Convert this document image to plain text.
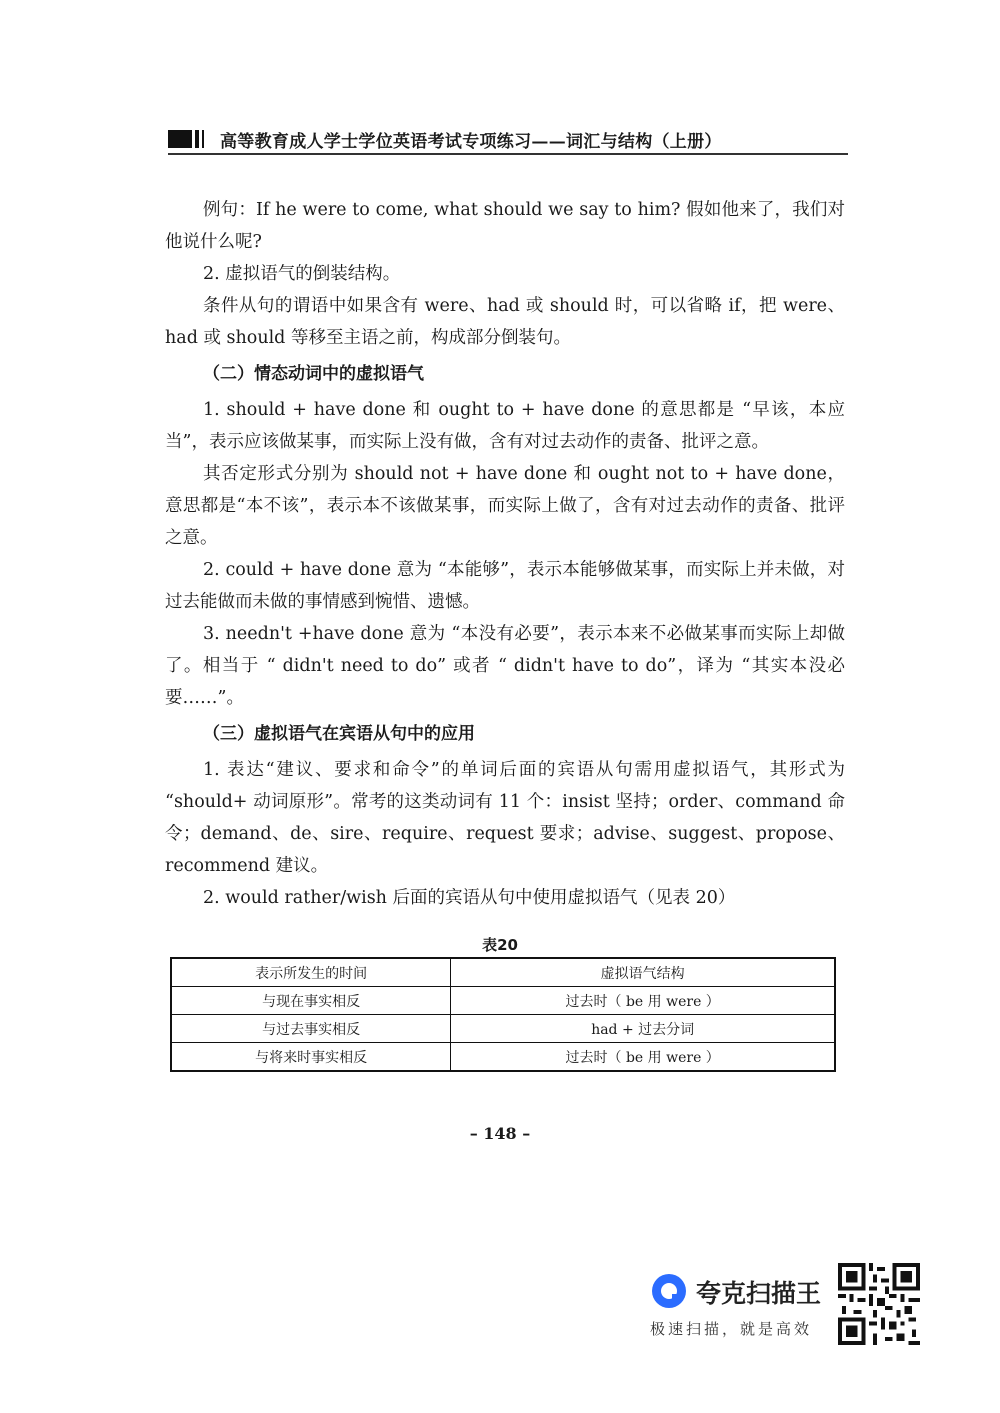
高等教育成人学士学位英语考试专项练习——词汇与结构（上册）

例句：If he were to come, what should we say to him? 假如他来了，我们对他说什么呢?

2. 虚拟语气的倒装结构。

条件从句的谓语中如果含有 were、had 或 should 时，可以省略 if，把 were、had 或 should 等移至主语之前，构成部分倒装句。

（二）情态动词中的虚拟语气

1. should + have done 和 ought to + have done 的意思都是 “早该，本应当”，表示应该做某事，而实际上没有做，含有对过去动作的责备、批评之意。

其否定形式分别为 should not + have done 和 ought not to + have done，意思都是“本不该”，表示本不该做某事，而实际上做了，含有对过去动作的责备、批评之意。

2. could + have done 意为 “本能够”，表示本能够做某事，而实际上并未做，对过去能做而未做的事情感到惋惜、遗憾。

3. needn't +have done 意为 “本没有必要”，表示本来不必做某事而实际上却做了。相当于 “ didn't need to do” 或者 “ didn't have to do”，译为 “其实本没必要……”。

（三）虚拟语气在宾语从句中的应用

1. 表达“建议、要求和命令”的单词后面的宾语从句需用虚拟语气，其形式为 “should+ 动词原形”。常考的这类动词有 11 个：insist 坚持；order、command 命令；demand、de、sire、require、request 要求；advise、suggest、propose、recommend 建议。

2. would rather/wish 后面的宾语从句中使用虚拟语气（见表 20）

表20
表示所发生的时间	虚拟语气结构
与现在事实相反	过去时（ be 用 were ）
与过去事实相反	had + 过去分词
与将来时事实相反	过去时（ be 用 were ）
– 148 –
夸克扫描王
极速扫描，就是高效
